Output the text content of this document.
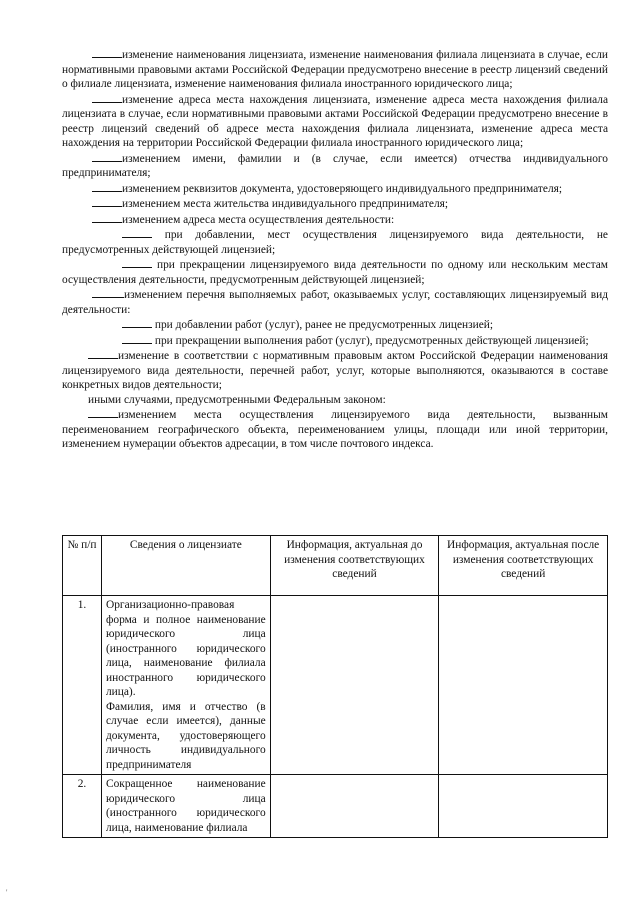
изменение наименования лицензиата, изменение наименования филиала лицензиата в случае, если нормативными правовыми актами Российской Федерации предусмотрено внесение в реестр лицензий сведений о филиале лицензиата, изменение наименования филиала иностранного юридического лица;

изменение адреса места нахождения лицензиата, изменение адреса места нахождения филиала лицензиата в случае, если нормативными правовыми актами Российской Федерации предусмотрено внесение в реестр лицензий сведений об адресе места нахождения филиала лицензиата, изменение адреса места нахождения на территории Российской Федерации филиала иностранного юридического лица;

изменением имени, фамилии и (в случае, если имеется) отчества индивидуального предпринимателя;

изменением реквизитов документа, удостоверяющего индивидуального предпринимателя;

изменением места жительства индивидуального предпринимателя;

изменением адреса места осуществления деятельности:

при добавлении, мест осуществления лицензируемого вида деятельности, не предусмотренных действующей лицензией;

при прекращении лицензируемого вида деятельности по одному или нескольким местам осуществления деятельности, предусмотренным действующей лицензией;

изменением перечня выполняемых работ, оказываемых услуг, составляющих лицензируемый вид деятельности:

при добавлении работ (услуг), ранее не предусмотренных лицензией;

при прекращении выполнения работ (услуг), предусмотренных действующей лицензией;

изменение в соответствии с нормативным правовым актом Российской Федерации наименования лицензируемого вида деятельности, перечней работ, услуг, которые выполняются, оказываются в составе конкретных видов деятельности;

иными случаями, предусмотренными Федеральным законом:

изменением места осуществления лицензируемого вида деятельности, вызванным переименованием географического объекта, переименованием улицы, площади или иной территории, изменением нумерации объектов адресации, в том числе почтового индекса.

№ п/п	Сведения о лицензиате	Информация, актуальная до изменения соответствующих сведений	Информация, актуальная после изменения соответствующих сведений
1.	Организационно-правовая форма и полное наименование юридического лица (иностранного юридического лица, наименование филиала иностранного юридического лица).
Фамилия, имя и отчество (в случае если имеется), данные документа, удостоверяющего личность индивидуального предпринимателя		

2.	Сокращенное наименование юридического лица (иностранного юридического лица, наименование филиала		
'
